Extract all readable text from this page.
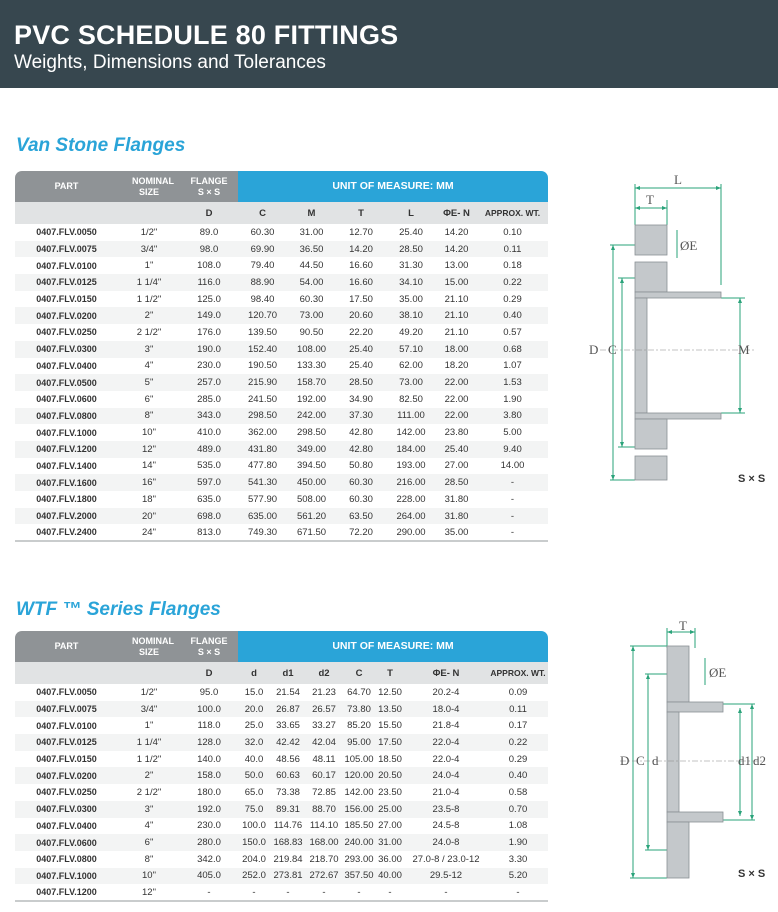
PVC SCHEDULE 80 FITTINGS
Weights, Dimensions and Tolerances
Van Stone Flanges
PART	NOMINAL SIZE	FLANGE S × S	UNIT OF MEASURE: MM					
		D	C	M	T	L	ΦE- N	APPROX. WT.
0407.FLV.0050	1/2"	89.0	60.30	31.00	12.70	25.40	14.20	0.10
0407.FLV.0075	3/4"	98.0	69.90	36.50	14.20	28.50	14.20	0.11
0407.FLV.0100	1"	108.0	79.40	44.50	16.60	31.30	13.00	0.18
0407.FLV.0125	1 1/4"	116.0	88.90	54.00	16.60	34.10	15.00	0.22
0407.FLV.0150	1 1/2"	125.0	98.40	60.30	17.50	35.00	21.10	0.29
0407.FLV.0200	2"	149.0	120.70	73.00	20.60	38.10	21.10	0.40
0407.FLV.0250	2 1/2"	176.0	139.50	90.50	22.20	49.20	21.10	0.57
0407.FLV.0300	3"	190.0	152.40	108.00	25.40	57.10	18.00	0.68
0407.FLV.0400	4"	230.0	190.50	133.30	25.40	62.00	18.20	1.07
0407.FLV.0500	5"	257.0	215.90	158.70	28.50	73.00	22.00	1.53
0407.FLV.0600	6"	285.0	241.50	192.00	34.90	82.50	22.00	1.90
0407.FLV.0800	8"	343.0	298.50	242.00	37.30	111.00	22.00	3.80
0407.FLV.1000	10"	410.0	362.00	298.50	42.80	142.00	23.80	5.00
0407.FLV.1200	12"	489.0	431.80	349.00	42.80	184.00	25.40	9.40
0407.FLV.1400	14"	535.0	477.80	394.50	50.80	193.00	27.00	14.00
0407.FLV.1600	16"	597.0	541.30	450.00	60.30	216.00	28.50	-
0407.FLV.1800	18"	635.0	577.90	508.00	60.30	228.00	31.80	-
0407.FLV.2000	20"	698.0	635.00	561.20	63.50	264.00	31.80	-
0407.FLV.2400	24"	813.0	749.30	671.50	72.20	290.00	35.00	-
L
T
ØE
D C	M
S × S
WTF ™ Series Flanges
PART	NOMINAL SIZE	FLANGE S × S	UNIT OF MEASURE: MM						
		D	d	d1	d2	C	T	ΦE- N	APPROX. WT.
0407.FLV.0050	1/2"	95.0	15.0	21.54	21.23	64.70	12.50	20.2-4	0.09
0407.FLV.0075	3/4"	100.0	20.0	26.87	26.57	73.80	13.50	18.0-4	0.11
0407.FLV.0100	1"	118.0	25.0	33.65	33.27	85.20	15.50	21.8-4	0.17
0407.FLV.0125	1 1/4"	128.0	32.0	42.42	42.04	95.00	17.50	22.0-4	0.22
0407.FLV.0150	1 1/2"	140.0	40.0	48.56	48.11	105.00	18.50	22.0-4	0.29
0407.FLV.0200	2"	158.0	50.0	60.63	60.17	120.00	20.50	24.0-4	0.40
0407.FLV.0250	2 1/2"	180.0	65.0	73.38	72.85	142.00	23.50	21.0-4	0.58
0407.FLV.0300	3"	192.0	75.0	89.31	88.70	156.00	25.00	23.5-8	0.70
0407.FLV.0400	4"	230.0	100.0	114.76	114.10	185.50	27.00	24.5-8	1.08
0407.FLV.0600	6"	280.0	150.0	168.83	168.00	240.00	31.00	24.0-8	1.90
0407.FLV.0800	8"	342.0	204.0	219.84	218.70	293.00	36.00	27.0-8 / 23.0-12	3.30
0407.FLV.1000	10"	405.0	252.0	273.81	272.67	357.50	40.00	29.5-12	5.20
0407.FLV.1200	12"	-	-	-	-	-	-	-	-
T
ØE
D C d	d1 d2
S × S
